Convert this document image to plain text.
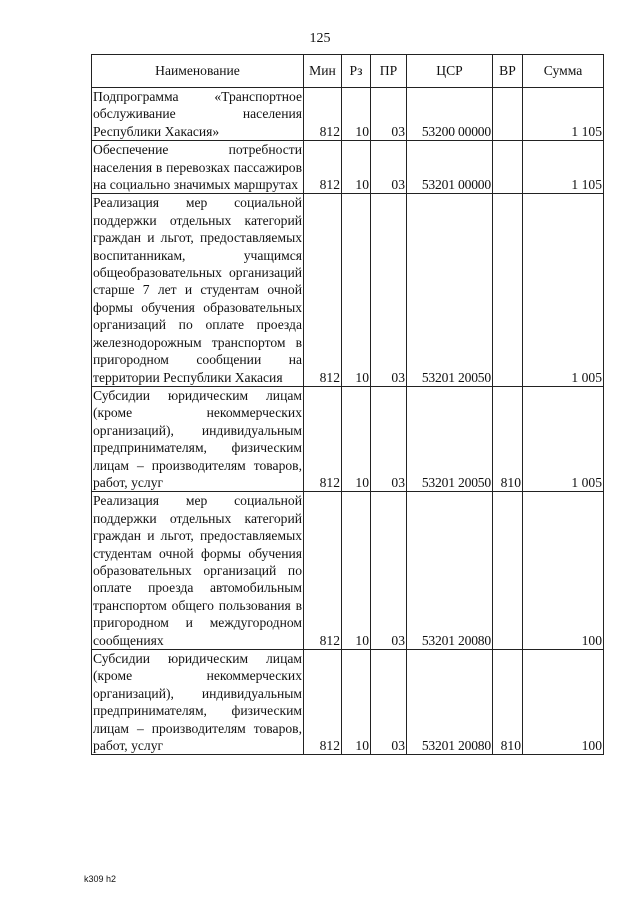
125
Наименование	Мин	Рз	ПР	ЦСР	ВР	Сумма
Подпрограмма «Транспортное обслуживание населения Республики Хакасия»	812	10	03	53200 00000		1 105
Обеспечение потребности населения в перевозках пассажиров на социально значимых маршрутах	812	10	03	53201 00000		1 105
Реализация мер социальной поддержки отдельных категорий граждан и льгот, предоставляемых воспитанникам, учащимся общеобразовательных организаций старше 7 лет и студентам очной формы обучения образовательных организаций по оплате проезда железнодорожным транспортом в пригородном сообщении на территории Республики Хакасия	812	10	03	53201 20050		1 005
Субсидии юридическим лицам (кроме некоммерческих организаций), индивидуальным предпринимателям, физическим лицам – производителям товаров, работ, услуг	812	10	03	53201 20050	810	1 005
Реализация мер социальной поддержки отдельных категорий граждан и льгот, предоставляемых студентам очной формы обучения образовательных организаций по оплате проезда автомобильным транспортом общего пользования в пригородном и междугородном сообщениях	812	10	03	53201 20080		100
Субсидии юридическим лицам (кроме некоммерческих организаций), индивидуальным предпринимателям, физическим лицам – производителям товаров, работ, услуг	812	10	03	53201 20080	810	100
k309 h2
